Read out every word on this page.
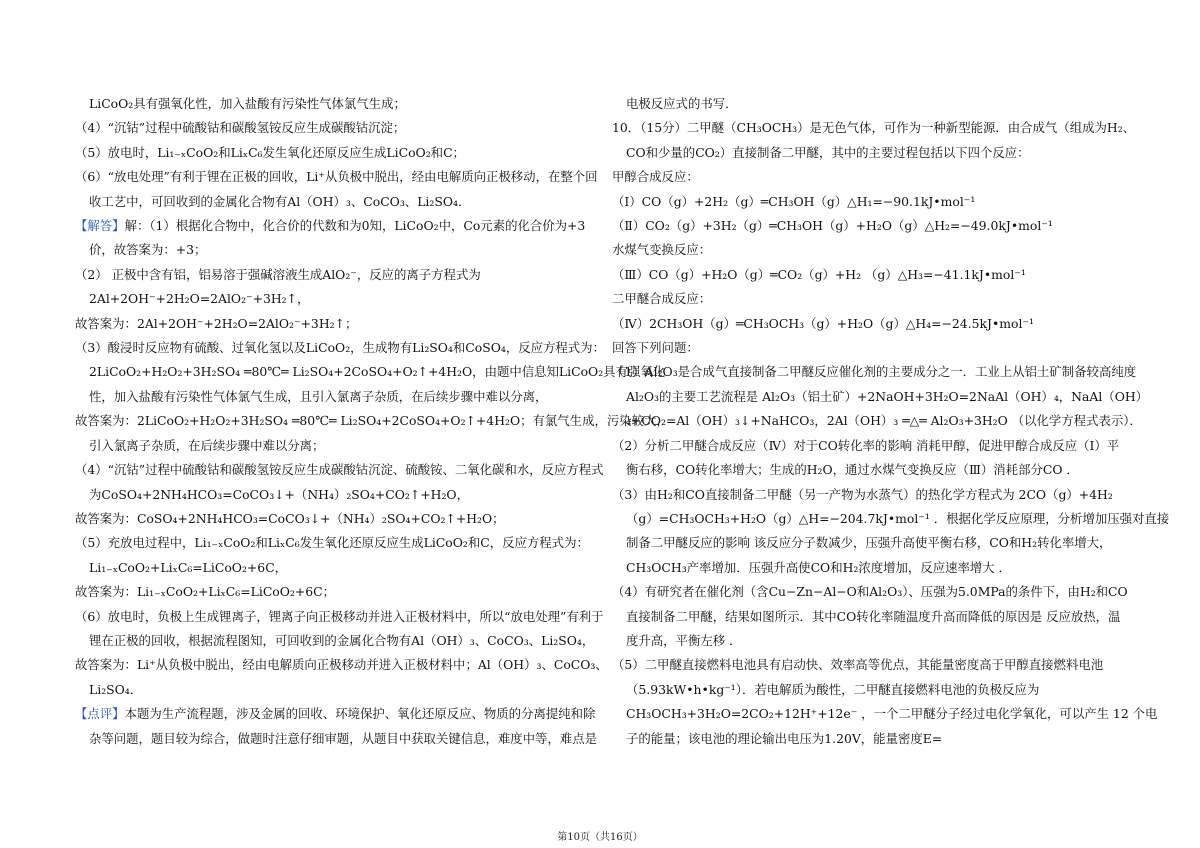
LiCoO₂具有强氧化性，加入盐酸有污染性气体氯气生成；
（4）“沉钴”过程中硫酸钴和碳酸氢铵反应生成碳酸钴沉淀；
（5）放电时，Li₁₋ₓCoO₂和LiₓC₆发生氧化还原反应生成LiCoO₂和C；
（6）“放电处理”有利于锂在正极的回收，Li⁺从负极中脱出，经由电解质向正极移动，在整个回
收工艺中，可回收到的金属化合物有Al（OH）₃、CoCO₃、Li₂SO₄．
【解答】解：（1）根据化合物中，化合价的代数和为0知，LiCoO₂中，Co元素的化合价为+3
价，故答案为：+3；
（2） 正极中含有铝，铝易溶于强碱溶液生成AlO₂⁻，反应的离子方程式为
2Al+2OH⁻+2H₂O=2AlO₂⁻+3H₂↑，
故答案为：2Al+2OH⁻+2H₂O=2AlO₂⁻+3H₂↑；
（3）酸浸时反应物有硫酸、过氧化氢以及LiCoO₂，生成物有Li₂SO₄和CoSO₄，反应方程式为：
2LiCoO₂+H₂O₂+3H₂SO₄ ═80℃═ Li₂SO₄+2CoSO₄+O₂↑+4H₂O，由题中信息知LiCoO₂具有强氧化
性，加入盐酸有污染性气体氯气生成，且引入氯离子杂质，在后续步骤中难以分离，
故答案为：2LiCoO₂+H₂O₂+3H₂SO₄ ═80℃═ Li₂SO₄+2CoSO₄+O₂↑+4H₂O；有氯气生成，污染较大，
引入氯离子杂质，在后续步骤中难以分离；
（4）“沉钴”过程中硫酸钴和碳酸氢铵反应生成碳酸钴沉淀、硫酸铵、二氧化碳和水，反应方程式
为CoSO₄+2NH₄HCO₃=CoCO₃↓+（NH₄）₂SO₄+CO₂↑+H₂O，
故答案为：CoSO₄+2NH₄HCO₃=CoCO₃↓+（NH₄）₂SO₄+CO₂↑+H₂O；
（5）充放电过程中，Li₁₋ₓCoO₂和LiₓC₆发生氧化还原反应生成LiCoO₂和C，反应方程式为：
Li₁₋ₓCoO₂+LiₓC₆=LiCoO₂+6C，
故答案为：Li₁₋ₓCoO₂+LiₓC₆=LiCoO₂+6C；
（6）放电时，负极上生成锂离子，锂离子向正极移动并进入正极材料中，所以“放电处理”有利于
锂在正极的回收，根据流程图知，可回收到的金属化合物有Al（OH）₃、CoCO₃、Li₂SO₄，
故答案为：Li⁺从负极中脱出，经由电解质向正极移动并进入正极材料中；Al（OH）₃、CoCO₃、
Li₂SO₄．
【点评】本题为生产流程题，涉及金属的回收、环境保护、氧化还原反应、物质的分离提纯和除
杂等问题，题目较为综合，做题时注意仔细审题，从题目中获取关键信息，难度中等，难点是
电极反应式的书写．
10．（15分）二甲醚（CH₃OCH₃）是无色气体，可作为一种新型能源．由合成气（组成为H₂、
CO和少量的CO₂）直接制备二甲醚，其中的主要过程包括以下四个反应：
甲醇合成反应：
（Ⅰ）CO（g）+2H₂（g）═CH₃OH（g）△H₁=−90.1kJ•mol⁻¹
（Ⅱ）CO₂（g）+3H₂（g）═CH₃OH（g）+H₂O（g）△H₂=−49.0kJ•mol⁻¹
水煤气变换反应：
（Ⅲ）CO（g）+H₂O（g）═CO₂（g）+H₂ （g）△H₃=−41.1kJ•mol⁻¹
二甲醚合成反应：
（Ⅳ）2CH₃OH（g）═CH₃OCH₃（g）+H₂O（g）△H₄=−24.5kJ•mol⁻¹
回答下列问题：
（1）Al₂O₃是合成气直接制备二甲醚反应催化剂的主要成分之一．工业上从铝土矿制备较高纯度
Al₂O₃的主要工艺流程是 Al₂O₃（铝土矿）+2NaOH+3H₂O=2NaAl（OH）₄，NaAl（OH）
₄+CO₂=Al（OH）₃↓+NaHCO₃，2Al（OH）₃ ═△═ Al₂O₃+3H₂O （以化学方程式表示）．
（2）分析二甲醚合成反应（Ⅳ）对于CO转化率的影响 消耗甲醇，促进甲醇合成反应（Ⅰ）平
衡右移，CO转化率增大；生成的H₂O，通过水煤气变换反应（Ⅲ）消耗部分CO ．
（3）由H₂和CO直接制备二甲醚（另一产物为水蒸气）的热化学方程式为 2CO（g）+4H₂
（g）=CH₃OCH₃+H₂O（g）△H=−204.7kJ•mol⁻¹ ．根据化学反应原理，分析增加压强对直接
制备二甲醚反应的影响 该反应分子数减少，压强升高使平衡右移，CO和H₂转化率增大，
CH₃OCH₃产率增加．压强升高使CO和H₂浓度增加，反应速率增大 ．
（4）有研究者在催化剂（含Cu−Zn−Al−O和Al₂O₃）、压强为5.0MPa的条件下，由H₂和CO
直接制备二甲醚，结果如图所示．其中CO转化率随温度升高而降低的原因是 反应放热，温
度升高，平衡左移 ．
（5）二甲醚直接燃料电池具有启动快、效率高等优点，其能量密度高于甲醇直接燃料电池
（5.93kW•h•kg⁻¹）．若电解质为酸性，二甲醚直接燃料电池的负极反应为
CH₃OCH₃+3H₂O=2CO₂+12H⁺+12e⁻ ，一个二甲醚分子经过电化学氧化，可以产生 12 个电
子的能量；该电池的理论输出电压为1.20V，能量密度E=
第10页（共16页）
